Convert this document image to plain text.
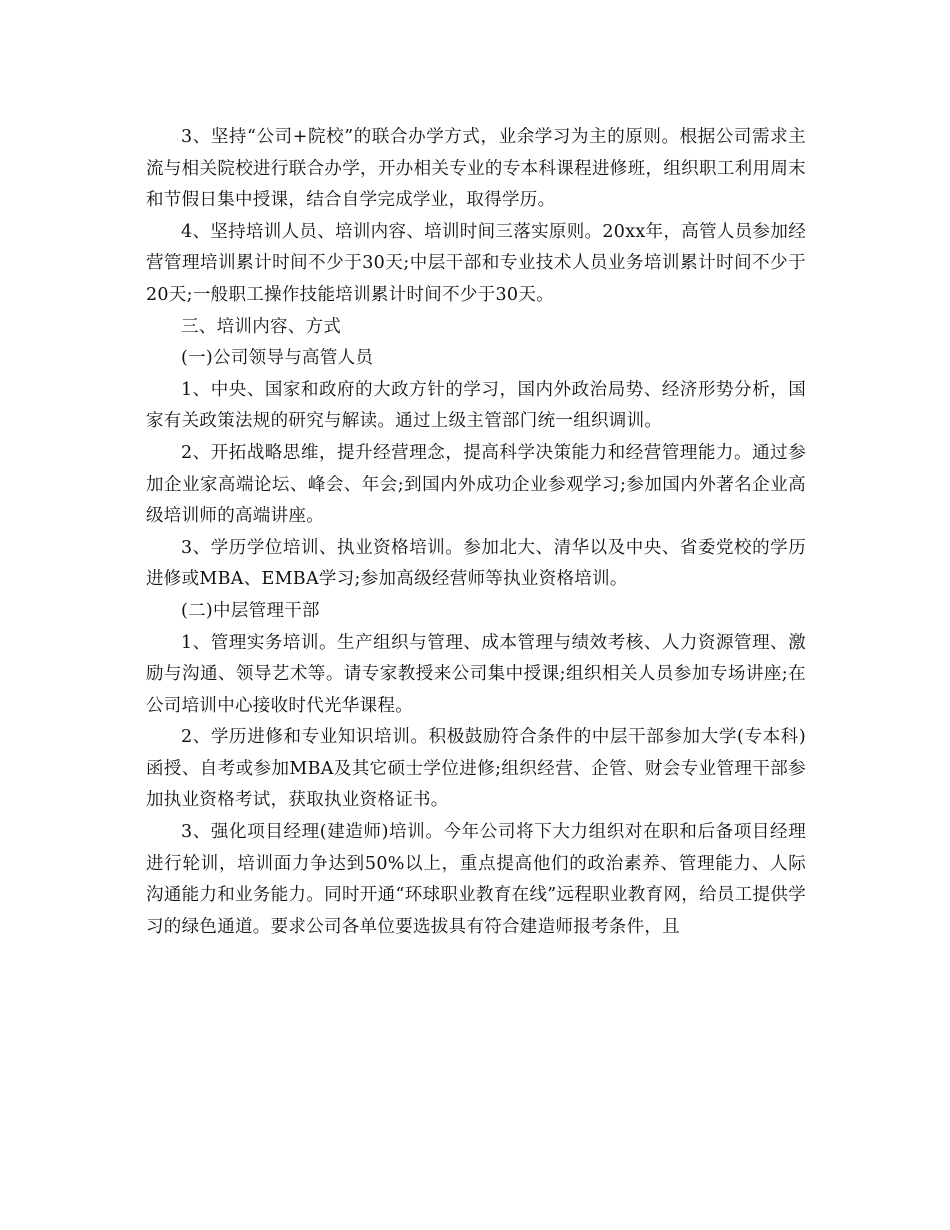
3、坚持“公司+院校”的联合办学方式，业余学习为主的原则。根据公司需求主流与相关院校进行联合办学，开办相关专业的专本科课程进修班，组织职工利用周末和节假日集中授课，结合自学完成学业，取得学历。

4、坚持培训人员、培训内容、培训时间三落实原则。20xx年，高管人员参加经营管理培训累计时间不少于30天;中层干部和专业技术人员业务培训累计时间不少于20天;一般职工操作技能培训累计时间不少于30天。

三、培训内容、方式

(一)公司领导与高管人员

1、中央、国家和政府的大政方针的学习，国内外政治局势、经济形势分析，国家有关政策法规的研究与解读。通过上级主管部门统一组织调训。

2、开拓战略思维，提升经营理念，提高科学决策能力和经营管理能力。通过参加企业家高端论坛、峰会、年会;到国内外成功企业参观学习;参加国内外著名企业高级培训师的高端讲座。

3、学历学位培训、执业资格培训。参加北大、清华以及中央、省委党校的学历进修或MBA、EMBA学习;参加高级经营师等执业资格培训。

(二)中层管理干部

1、管理实务培训。生产组织与管理、成本管理与绩效考核、人力资源管理、激励与沟通、领导艺术等。请专家教授来公司集中授课;组织相关人员参加专场讲座;在公司培训中心接收时代光华课程。

2、学历进修和专业知识培训。积极鼓励符合条件的中层干部参加大学(专本科)函授、自考或参加MBA及其它硕士学位进修;组织经营、企管、财会专业管理干部参加执业资格考试，获取执业资格证书。

3、强化项目经理(建造师)培训。今年公司将下大力组织对在职和后备项目经理进行轮训，培训面力争达到50%以上，重点提高他们的政治素养、管理能力、人际沟通能力和业务能力。同时开通“环球职业教育在线”远程职业教育网，给员工提供学习的绿色通道。要求公司各单位要选拔具有符合建造师报考条件，且
